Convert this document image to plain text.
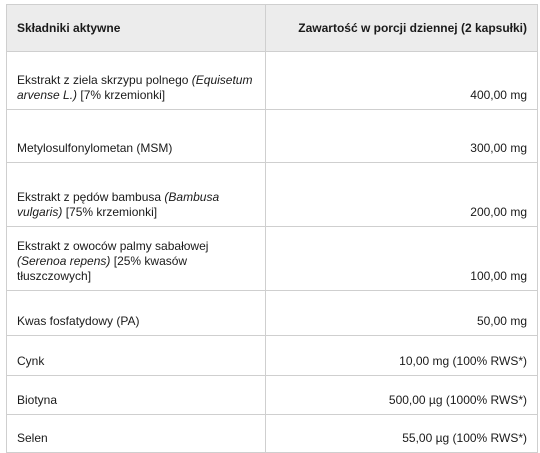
Składniki aktywne	Zawartość w porcji dziennej (2 kapsułki)
Ekstrakt z ziela skrzypu polnego (Equisetum arvense L.) [7% krzemionki]	400,00 mg
Metylosulfonylometan (MSM)	300,00 mg
Ekstrakt z pędów bambusa (Bambusa vulgaris) [75% krzemionki]	200,00 mg
Ekstrakt z owoców palmy sabałowej (Serenoa repens) [25% kwasów tłuszczowych]	100,00 mg
Kwas fosfatydowy (PA)	50,00 mg
Cynk	10,00 mg (100% RWS*)
Biotyna	500,00 µg (1000% RWS*)
Selen	55,00 µg (100% RWS*)
